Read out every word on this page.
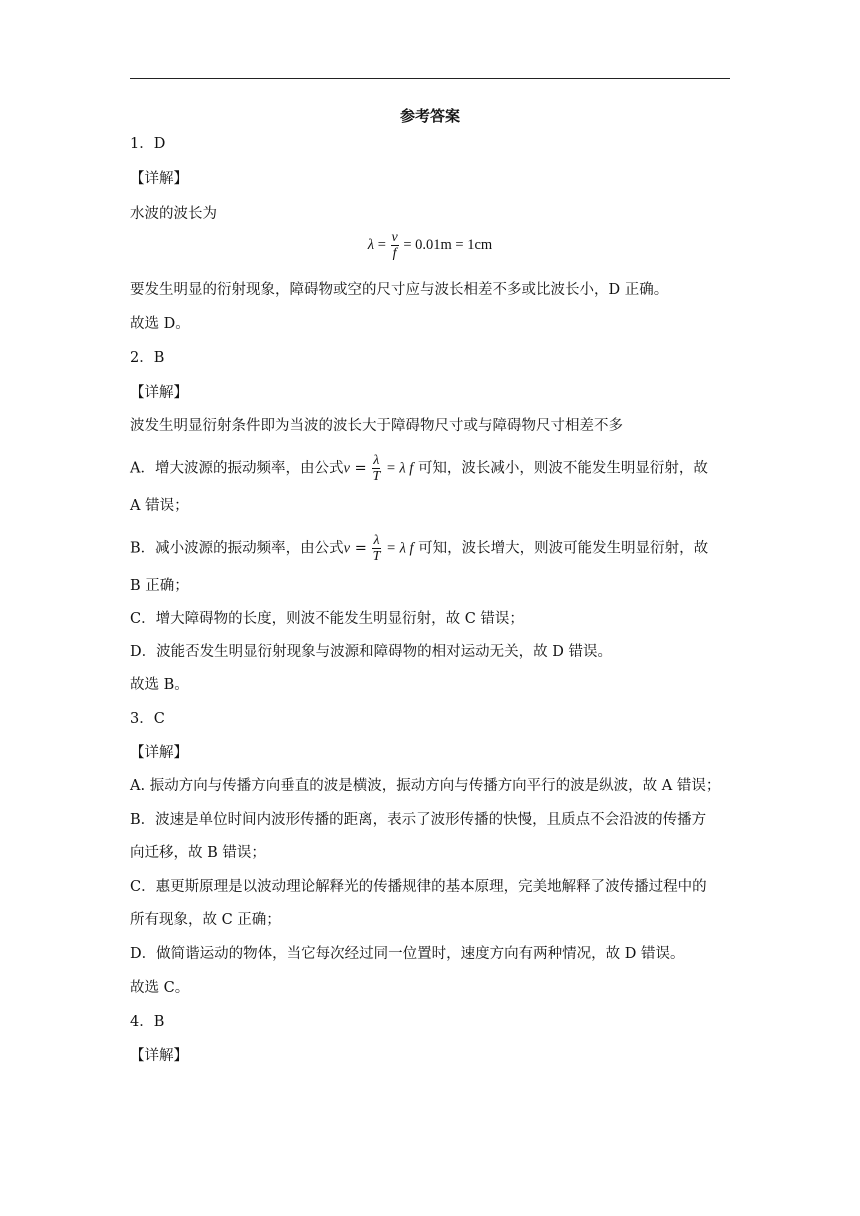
参考答案
1．D
【详解】
水波的波长为
$\lambda = \frac{v}{f} = 0.01m = 1cm$
要发生明显的衍射现象，障碍物或空的尺寸应与波长相差不多或比波长小，D 正确。
故选 D。
2．B
【详解】
波发生明显衍射条件即为当波的波长大于障碍物尺寸或与障碍物尺寸相差不多
A．增大波源的振动频率，由公式$v = \frac{\lambda}{T} = \lambda$ f 可知，波长减小，则波不能发生明显衍射，故
A 错误；
B．减小波源的振动频率，由公式$v = \frac{\lambda}{T} = \lambda$ f 可知，波长增大，则波可能发生明显衍射，故
B 正确；
C．增大障碍物的长度，则波不能发生明显衍射，故 C 错误；
D．波能否发生明显衍射现象与波源和障碍物的相对运动无关，故 D 错误。
故选 B。
3．C
【详解】
A. 振动方向与传播方向垂直的波是横波，振动方向与传播方向平行的波是纵波，故 A 错误；
B．波速是单位时间内波形传播的距离，表示了波形传播的快慢，且质点不会沿波的传播方
向迁移，故 B 错误；
C．惠更斯原理是以波动理论解释光的传播规律的基本原理，完美地解释了波传播过程中的
所有现象，故 C 正确；
D．做简谐运动的物体，当它每次经过同一位置时，速度方向有两种情况，故 D 错误。
故选 C。
4．B
【详解】
